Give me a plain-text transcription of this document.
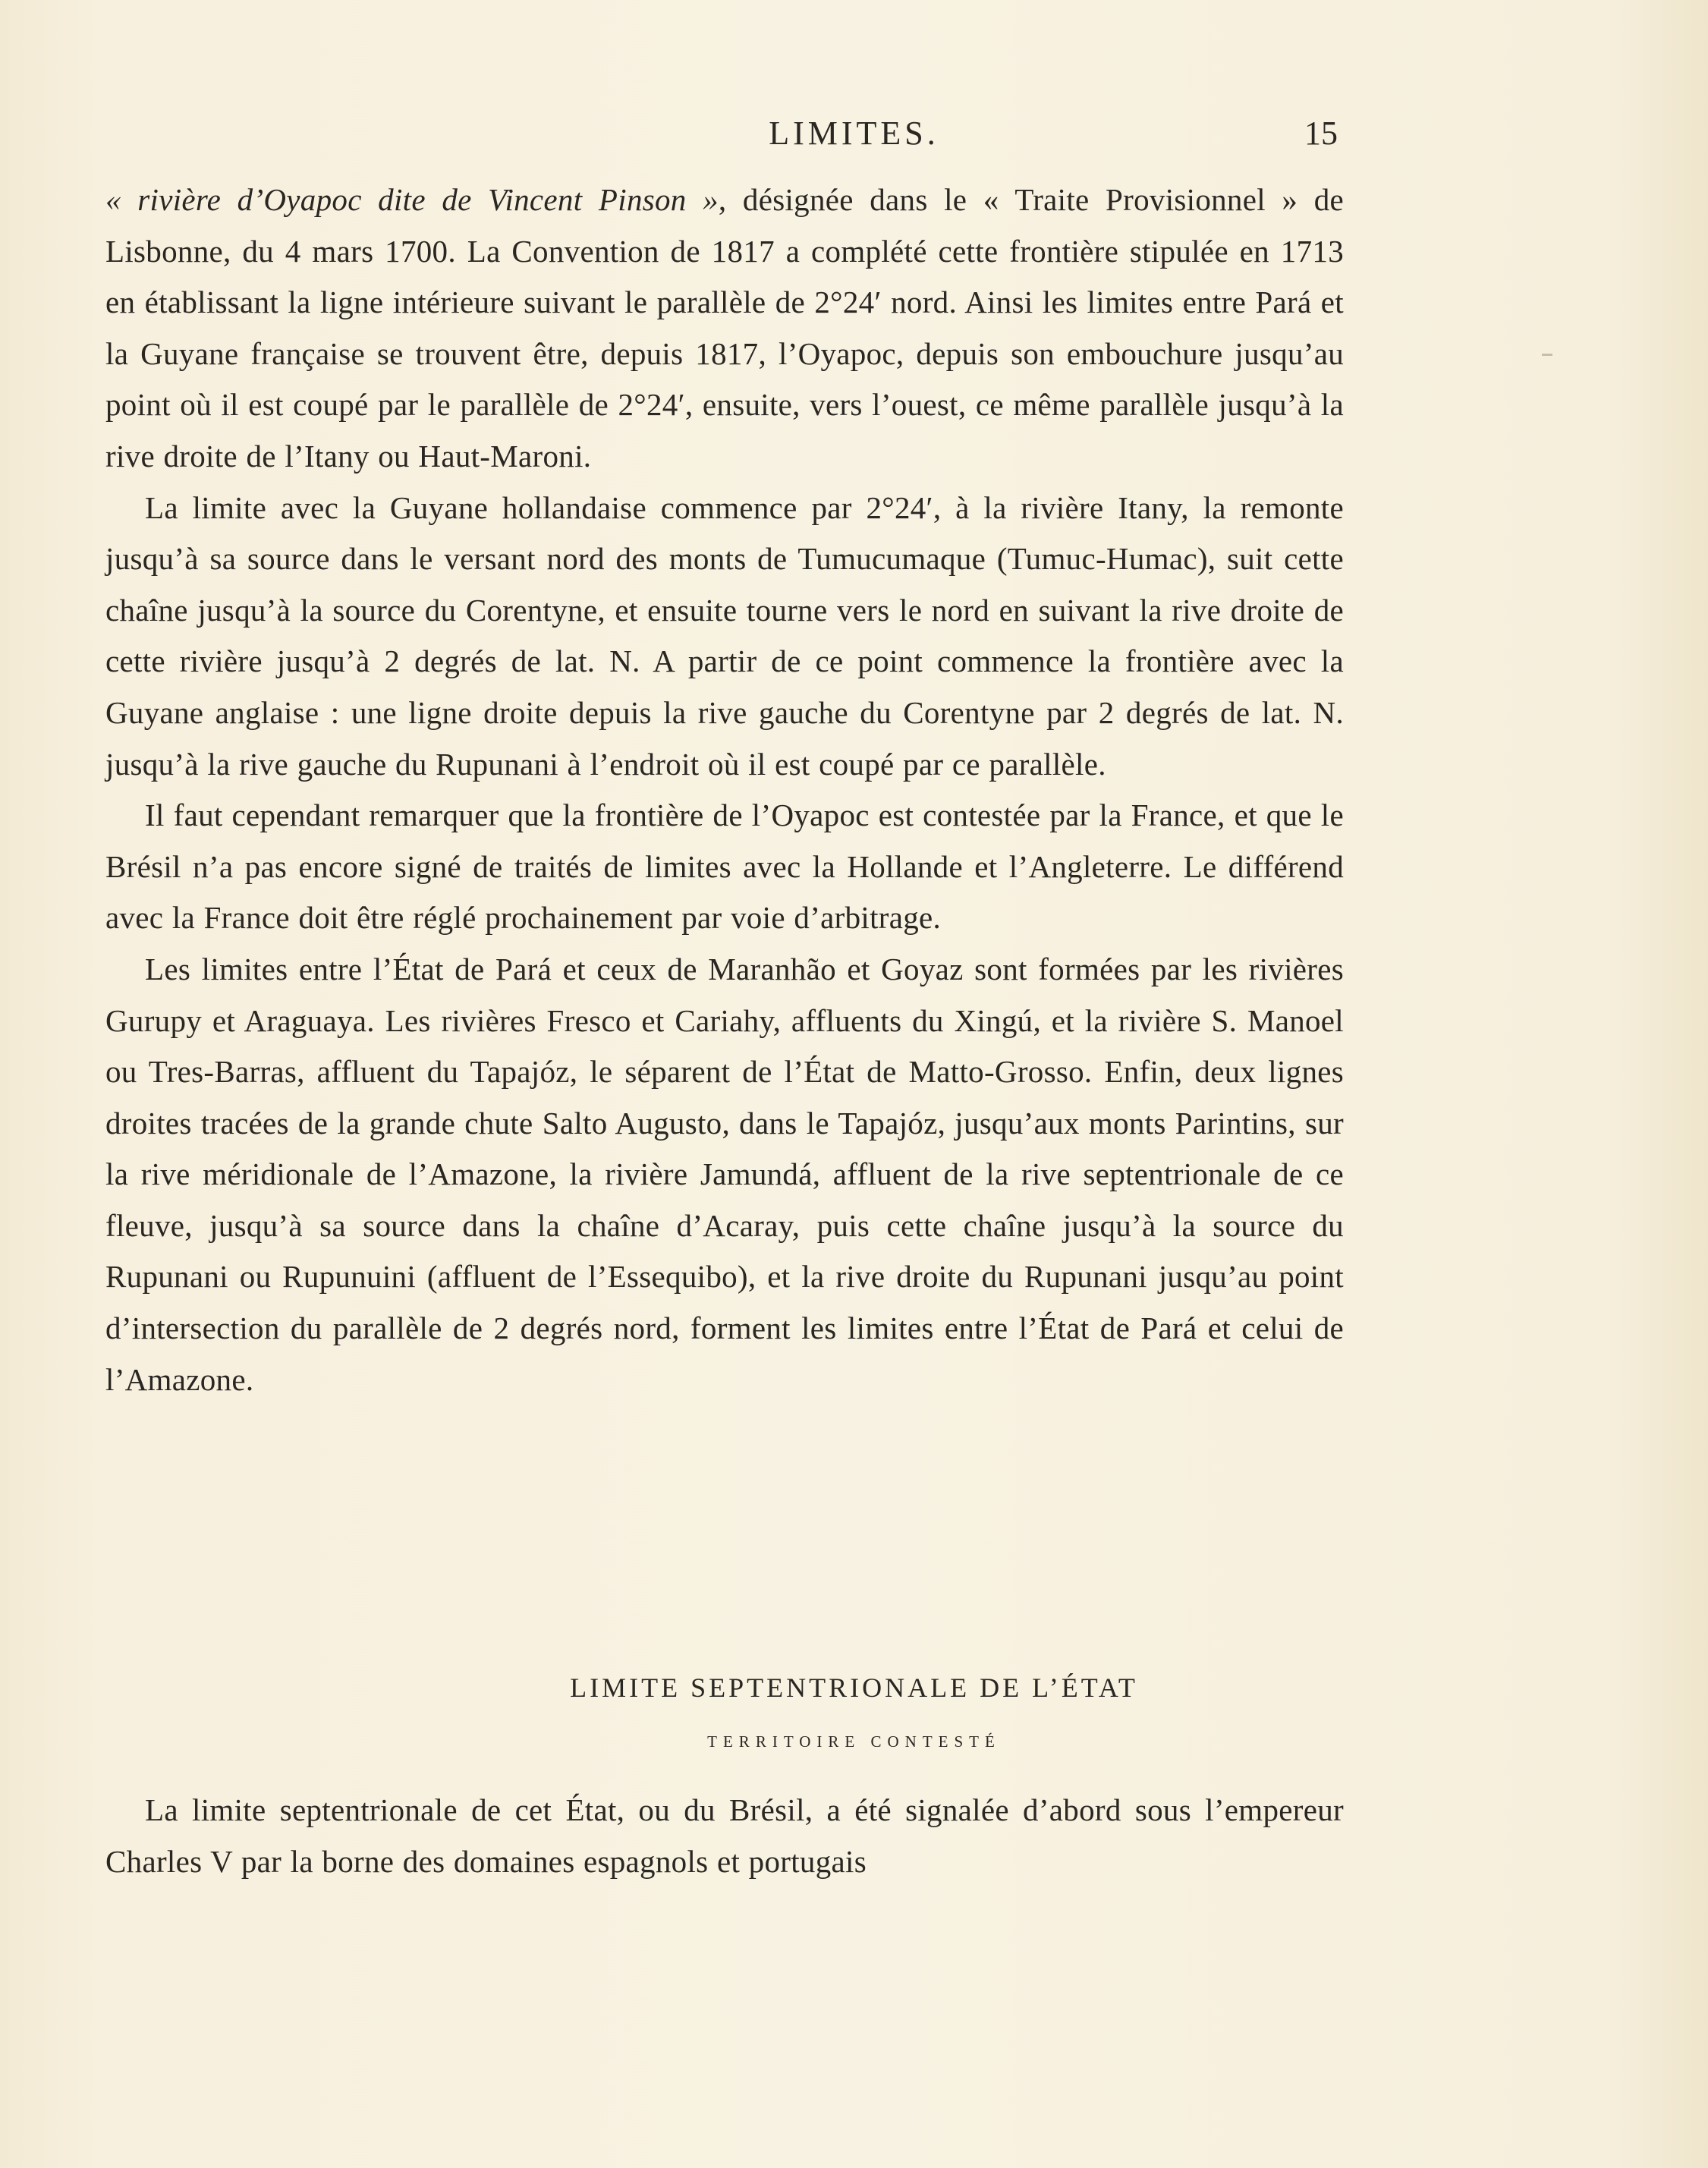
LIMITES.	15

« rivière d’Oyapoc dite de Vincent Pinson », désignée dans le « Traite Provisionnel » de Lisbonne, du 4 mars 1700. La Convention de 1817 a complété cette frontière stipulée en 1713 en établissant la ligne intérieure suivant le parallèle de 2°24′ nord. Ainsi les limites entre Pará et la Guyane française se trouvent être, depuis 1817, l’Oyapoc, depuis son embouchure jusqu’au point où il est coupé par le parallèle de 2°24′, ensuite, vers l’ouest, ce même parallèle jusqu’à la rive droite de l’Itany ou Haut-Maroni.

La limite avec la Guyane hollandaise commence par 2°24′, à la rivière Itany, la remonte jusqu’à sa source dans le versant nord des monts de Tumucumaque (Tumuc-Humac), suit cette chaîne jusqu’à la source du Corentyne, et ensuite tourne vers le nord en suivant la rive droite de cette rivière jusqu’à 2 degrés de lat. N. A partir de ce point commence la frontière avec la Guyane anglaise : une ligne droite depuis la rive gauche du Corentyne par 2 degrés de lat. N. jusqu’à la rive gauche du Rupunani à l’endroit où il est coupé par ce parallèle.

Il faut cependant remarquer que la frontière de l’Oyapoc est contestée par la France, et que le Brésil n’a pas encore signé de traités de limites avec la Hollande et l’Angleterre. Le différend avec la France doit être réglé prochainement par voie d’arbitrage.

Les limites entre l’État de Pará et ceux de Maranhão et Goyaz sont formées par les rivières Gurupy et Araguaya. Les rivières Fresco et Cariahy, affluents du Xingú, et la rivière S. Manoel ou Tres-Barras, affluent du Tapajóz, le séparent de l’État de Matto-Grosso. Enfin, deux lignes droites tracées de la grande chute Salto Augusto, dans le Tapajóz, jusqu’aux monts Parintins, sur la rive méridionale de l’Amazone, la rivière Jamundá, affluent de la rive septentrionale de ce fleuve, jusqu’à sa source dans la chaîne d’Acaray, puis cette chaîne jusqu’à la source du Rupunani ou Rupunuini (affluent de l’Essequibo), et la rive droite du Rupunani jusqu’au point d’intersection du parallèle de 2 degrés nord, forment les limites entre l’État de Pará et celui de l’Amazone.

LIMITE SEPTENTRIONALE DE L’ÉTAT
TERRITOIRE CONTESTÉ

La limite septentrionale de cet État, ou du Brésil, a été signalée d’abord sous l’empereur Charles V par la borne des domaines espagnols et portugais
